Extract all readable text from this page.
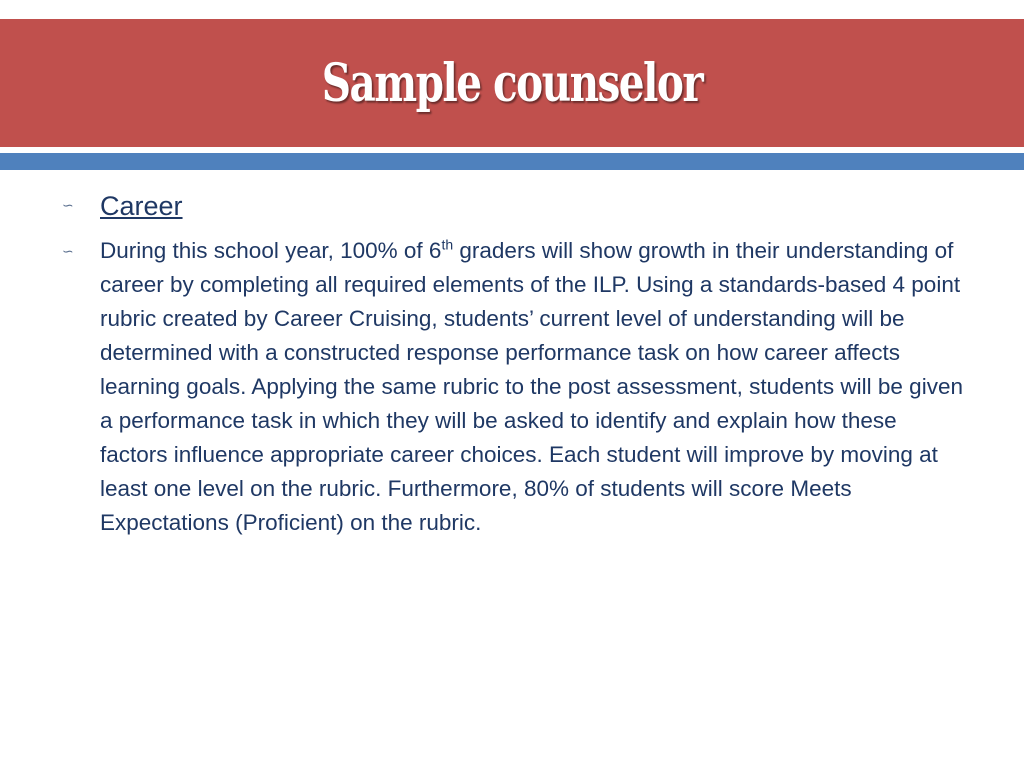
Sample counselor
∽ Career
∽	During this school year, 100% of 6th graders will show growth in their understanding of career by completing all required elements of the ILP. Using a standards-based 4 point rubric created by Career Cruising, students’ current level of understanding will be determined with a constructed response performance task on how career affects learning goals. Applying the same rubric to the post assessment, students will be given a performance task in which they will be asked to identify and explain how these factors influence appropriate career choices. Each student will improve by moving at least one level on the rubric. Furthermore, 80% of students will score Meets Expectations (Proficient) on the rubric.
